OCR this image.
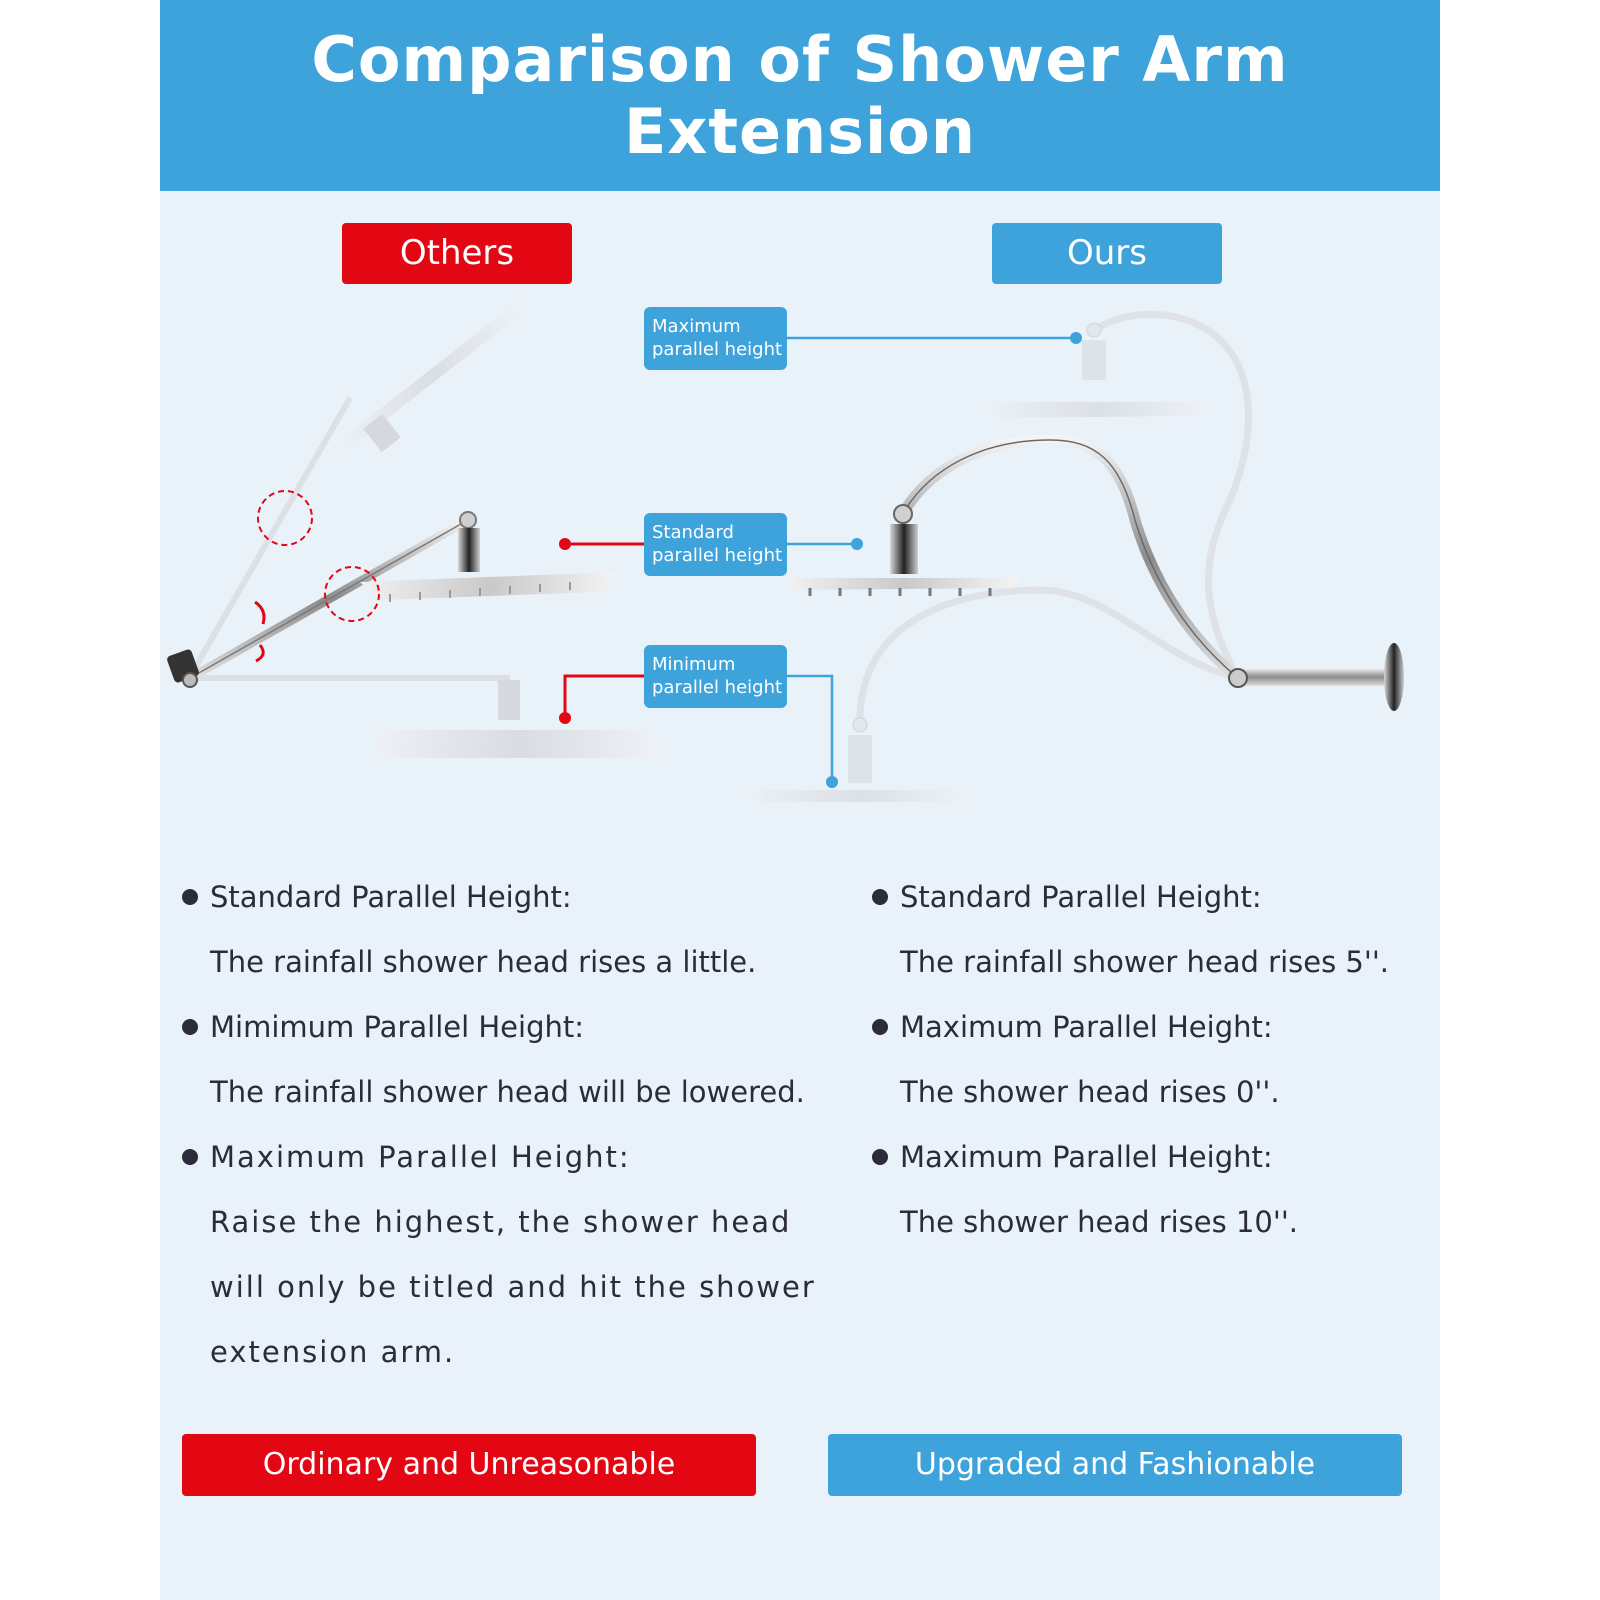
Comparison of Shower Arm Extension
Others	Ours
Maximum
parallel height
Standard
parallel height
Minimum
parallel height
Standard Parallel Height:
The rainfall shower head rises a little.
Mimimum Parallel Height:
The rainfall shower head will be lowered.
Maximum Parallel Height:
Raise the highest, the shower head
will only be titled and hit the shower
extension arm.
Standard Parallel Height:
The rainfall shower head rises 5''.
Maximum Parallel Height:
The shower head rises 0''.
Maximum Parallel Height:
The shower head rises 10''.
Ordinary and Unreasonable	Upgraded and Fashionable
